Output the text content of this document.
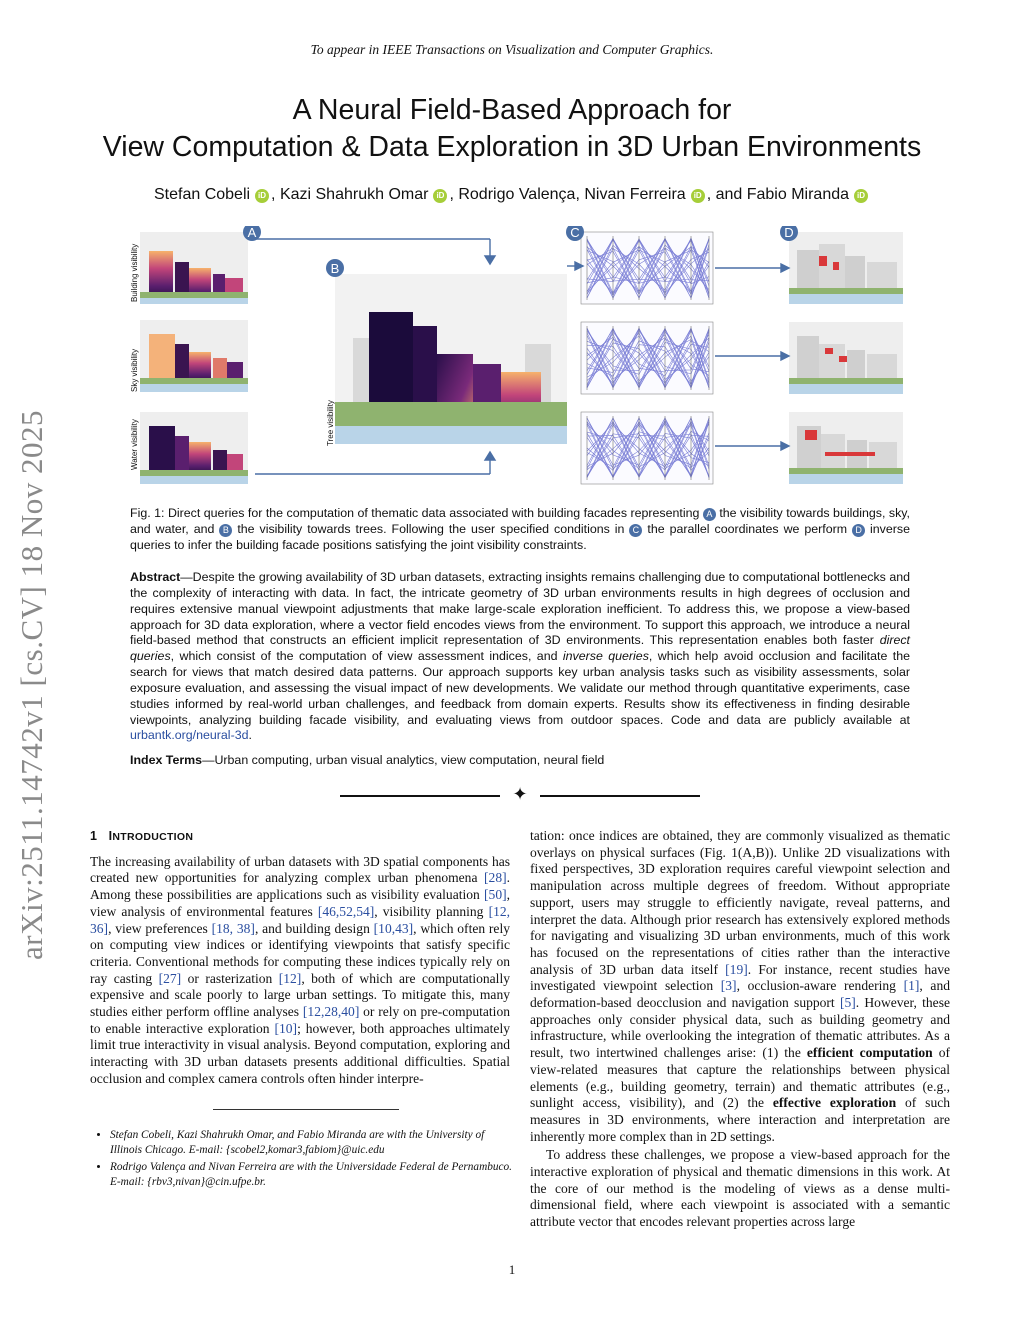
To appear in IEEE Transactions on Visualization and Computer Graphics.
A Neural Field-Based Approach for
View Computation & Data Exploration in 3D Urban Environments
Stefan Cobeli iD , Kazi Shahrukh Omar iD , Rodrigo Valença, Nivan Ferreira iD , and Fabio Miranda iD
arXiv:2511.14742v1 [cs.CV] 18 Nov 2025
Building visibility
Sky visibility
Water visibility	Tree visibility
A
B
C	D
Fig. 1: Direct queries for the computation of thematic data associated with building facades representing A the visibility towards buildings, sky, and water, and B the visibility towards trees. Following the user specified conditions in C the parallel coordinates we perform D inverse queries to infer the building facade positions satisfying the joint visibility constraints.
Abstract—Despite the growing availability of 3D urban datasets, extracting insights remains challenging due to computational bottlenecks and the complexity of interacting with data. In fact, the intricate geometry of 3D urban environments results in high degrees of occlusion and requires extensive manual viewpoint adjustments that make large-scale exploration inefficient. To address this, we propose a view-based approach for 3D data exploration, where a vector field encodes views from the environment. To support this approach, we introduce a neural field-based method that constructs an efficient implicit representation of 3D environments. This representation enables both faster direct queries, which consist of the computation of view assessment indices, and inverse queries, which help avoid occlusion and facilitate the search for views that match desired data patterns. Our approach supports key urban analysis tasks such as visibility assessments, solar exposure evaluation, and assessing the visual impact of new developments. We validate our method through quantitative experiments, case studies informed by real-world urban challenges, and feedback from domain experts. Results show its effectiveness in finding desirable viewpoints, analyzing building facade visibility, and evaluating views from outdoor spaces. Code and data are publicly available at urbantk.org/neural-3d.
Index Terms—Urban computing, urban visual analytics, view computation, neural field
✦
1 INTRODUCTION

The increasing availability of urban datasets with 3D spatial components has created new opportunities for analyzing complex urban phenomena [28]. Among these possibilities are applications such as visibility evaluation [50], view analysis of environmental features [46,52,54], visibility planning [12, 36], view preferences [18, 38], and building design [10,43], which often rely on computing view indices or identifying viewpoints that satisfy specific criteria. Conventional methods for computing these indices typically rely on ray casting [27] or rasterization [12], both of which are computationally expensive and scale poorly to large urban settings. To mitigate this, many studies either perform offline analyses [12,28,40] or rely on pre-computation to enable interactive exploration [10]; however, both approaches ultimately limit true interactivity in visual analysis. Beyond computation, exploring and interacting with 3D urban datasets presents additional difficulties. Spatial occlusion and complex camera controls often hinder interpre-

• Stefan Cobeli, Kazi Shahrukh Omar, and Fabio Miranda are with the University of Illinois Chicago. E-mail: {scobel2,komar3,fabiom}@uic.edu
• Rodrigo Valença and Nivan Ferreira are with the Universidade Federal de Pernambuco. E-mail: {rbv3,nivan}@cin.ufpe.br.

tation: once indices are obtained, they are commonly visualized as thematic overlays on physical surfaces (Fig. 1(A,B)). Unlike 2D visualizations with fixed perspectives, 3D exploration requires careful viewpoint selection and manipulation across multiple degrees of freedom. Without appropriate support, users may struggle to efficiently navigate, reveal patterns, and interpret the data. Although prior research has extensively explored methods for navigating and visualizing 3D urban environments, much of this work has focused on the representations of cities rather than the interactive analysis of 3D urban data itself [19]. For instance, recent studies have investigated viewpoint selection [3], occlusion-aware rendering [1], and deformation-based deocclusion and navigation support [5]. However, these approaches only consider physical data, such as building geometry and infrastructure, while overlooking the integration of thematic attributes. As a result, two intertwined challenges arise: (1) the efficient computation of view-related measures that capture the relationships between physical elements (e.g., building geometry, terrain) and thematic attributes (e.g., sunlight access, visibility), and (2) the effective exploration of such measures in 3D environments, where interaction and interpretation are inherently more complex than in 2D settings.

To address these challenges, we propose a view-based approach for the interactive exploration of physical and thematic dimensions in this work. At the core of our method is the modeling of views as a dense multi-dimensional field, where each viewpoint is associated with a semantic attribute vector that encodes relevant properties across large

1
